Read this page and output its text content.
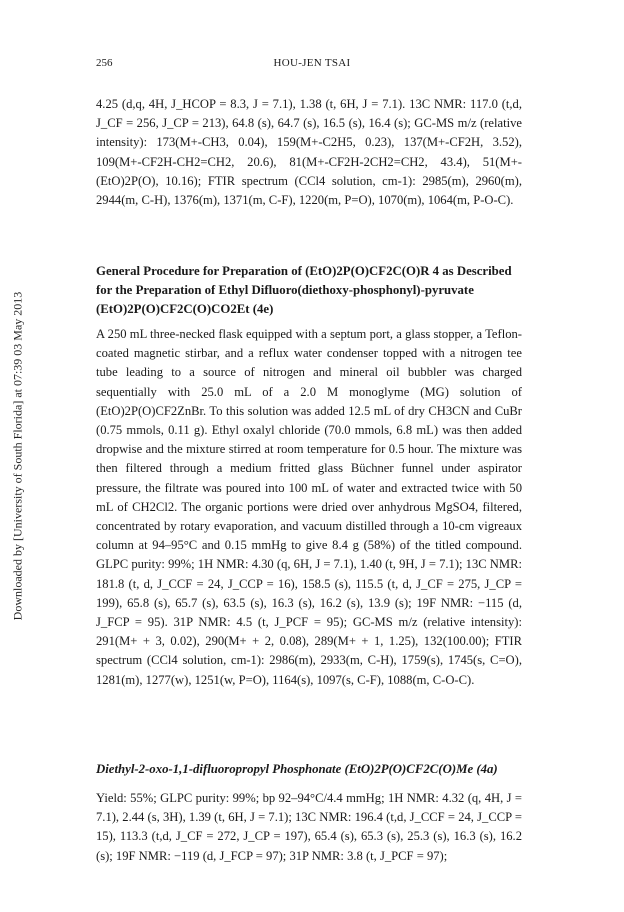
256	HOU-JEN TSAI
Downloaded by [University of South Florida] at 07:39 03 May 2013

4.25 (d,q, 4H, J_HCOP = 8.3, J = 7.1), 1.38 (t, 6H, J = 7.1). 13C NMR: 117.0 (t,d, J_CF = 256, J_CP = 213), 64.8 (s), 64.7 (s), 16.5 (s), 16.4 (s); GC-MS m/z (relative intensity): 173(M+-CH3, 0.04), 159(M+-C2H5, 0.23), 137(M+-CF2H, 3.52), 109(M+-CF2H-CH2=CH2, 20.6), 81(M+-CF2H-2CH2=CH2, 43.4), 51(M+-(EtO)2P(O), 10.16); FTIR spectrum (CCl4 solution, cm-1): 2985(m), 2960(m), 2944(m, C-H), 1376(m), 1371(m, C-F), 1220(m, P=O), 1070(m), 1064(m, P-O-C).

General Procedure for Preparation of (EtO)2P(O)CF2C(O)R 4 as Described for the Preparation of Ethyl Difluoro(diethoxy-phosphonyl)-pyruvate (EtO)2P(O)CF2C(O)CO2Et (4e)

A 250 mL three-necked flask equipped with a septum port, a glass stopper, a Teflon-coated magnetic stirbar, and a reflux water condenser topped with a nitrogen tee tube leading to a source of nitrogen and mineral oil bubbler was charged sequentially with 25.0 mL of a 2.0 M monoglyme (MG) solution of (EtO)2P(O)CF2ZnBr. To this solution was added 12.5 mL of dry CH3CN and CuBr (0.75 mmols, 0.11 g). Ethyl oxalyl chloride (70.0 mmols, 6.8 mL) was then added dropwise and the mixture stirred at room temperature for 0.5 hour. The mixture was then filtered through a medium fritted glass Büchner funnel under aspirator pressure, the filtrate was poured into 100 mL of water and extracted twice with 50 mL of CH2Cl2. The organic portions were dried over anhydrous MgSO4, filtered, concentrated by rotary evaporation, and vacuum distilled through a 10-cm vigreaux column at 94–95°C and 0.15 mmHg to give 8.4 g (58%) of the titled compound. GLPC purity: 99%; 1H NMR: 4.30 (q, 6H, J = 7.1), 1.40 (t, 9H, J = 7.1); 13C NMR: 181.8 (t, d, J_CCF = 24, J_CCP = 16), 158.5 (s), 115.5 (t, d, J_CF = 275, J_CP = 199), 65.8 (s), 65.7 (s), 63.5 (s), 16.3 (s), 16.2 (s), 13.9 (s); 19F NMR: −115 (d, J_FCP = 95). 31P NMR: 4.5 (t, J_PCF = 95); GC-MS m/z (relative intensity): 291(M+ + 3, 0.02), 290(M+ + 2, 0.08), 289(M+ + 1, 1.25), 132(100.00); FTIR spectrum (CCl4 solution, cm-1): 2986(m), 2933(m, C-H), 1759(s), 1745(s, C=O), 1281(m), 1277(w), 1251(w, P=O), 1164(s), 1097(s, C-F), 1088(m, C-O-C).

Diethyl-2-oxo-1,1-difluoropropyl Phosphonate (EtO)2P(O)CF2C(O)Me (4a)

Yield: 55%; GLPC purity: 99%; bp 92–94°C/4.4 mmHg; 1H NMR: 4.32 (q, 4H, J = 7.1), 2.44 (s, 3H), 1.39 (t, 6H, J = 7.1); 13C NMR: 196.4 (t,d, J_CCF = 24, J_CCP = 15), 113.3 (t,d, J_CF = 272, J_CP = 197), 65.4 (s), 65.3 (s), 25.3 (s), 16.3 (s), 16.2 (s); 19F NMR: −119 (d, J_FCP = 97); 31P NMR: 3.8 (t, J_PCF = 97);
